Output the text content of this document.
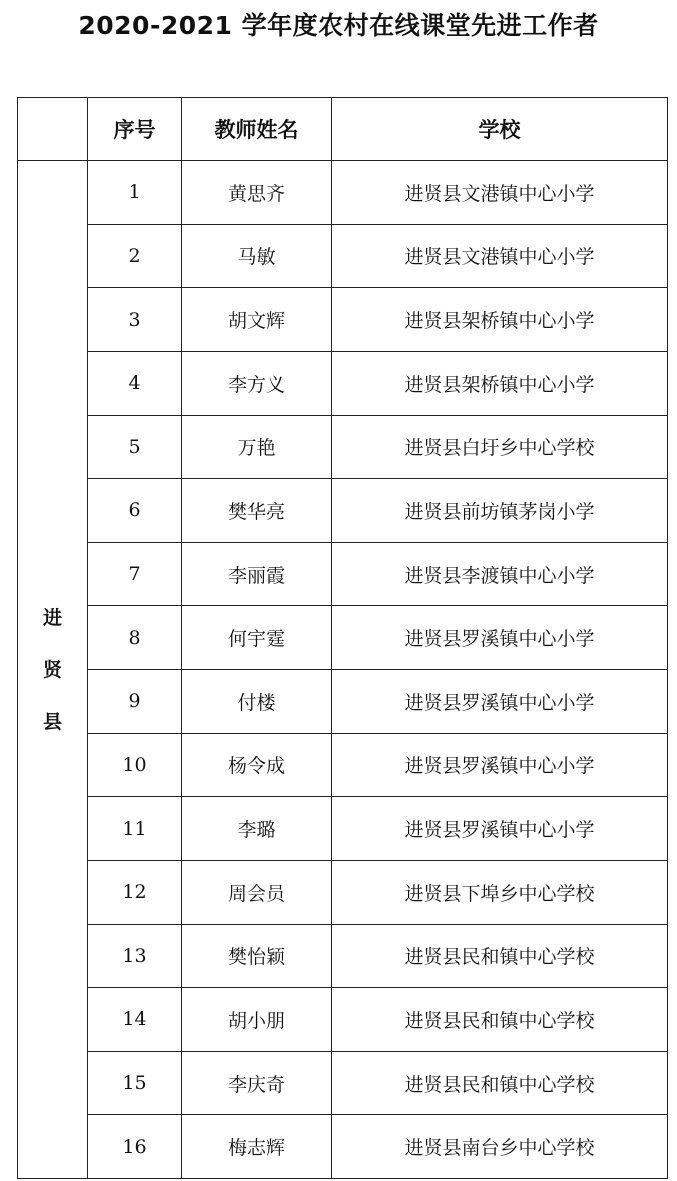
2020-2021 学年度农村在线课堂先进工作者
	序号	教师姓名	学校
进贤县	1	黄思齐	进贤县文港镇中心小学
	2	马敏	进贤县文港镇中心小学
	3	胡文辉	进贤县架桥镇中心小学
	4	李方义	进贤县架桥镇中心小学
	5	万艳	进贤县白圩乡中心学校
	6	樊华亮	进贤县前坊镇茅岗小学
	7	李丽霞	进贤县李渡镇中心小学
	8	何宇霆	进贤县罗溪镇中心小学
	9	付楼	进贤县罗溪镇中心小学
	10	杨令成	进贤县罗溪镇中心小学
	11	李璐	进贤县罗溪镇中心小学
	12	周会员	进贤县下埠乡中心学校
	13	樊怡颖	进贤县民和镇中心学校
	14	胡小朋	进贤县民和镇中心学校
	15	李庆奇	进贤县民和镇中心学校
	16	梅志辉	进贤县南台乡中心学校
